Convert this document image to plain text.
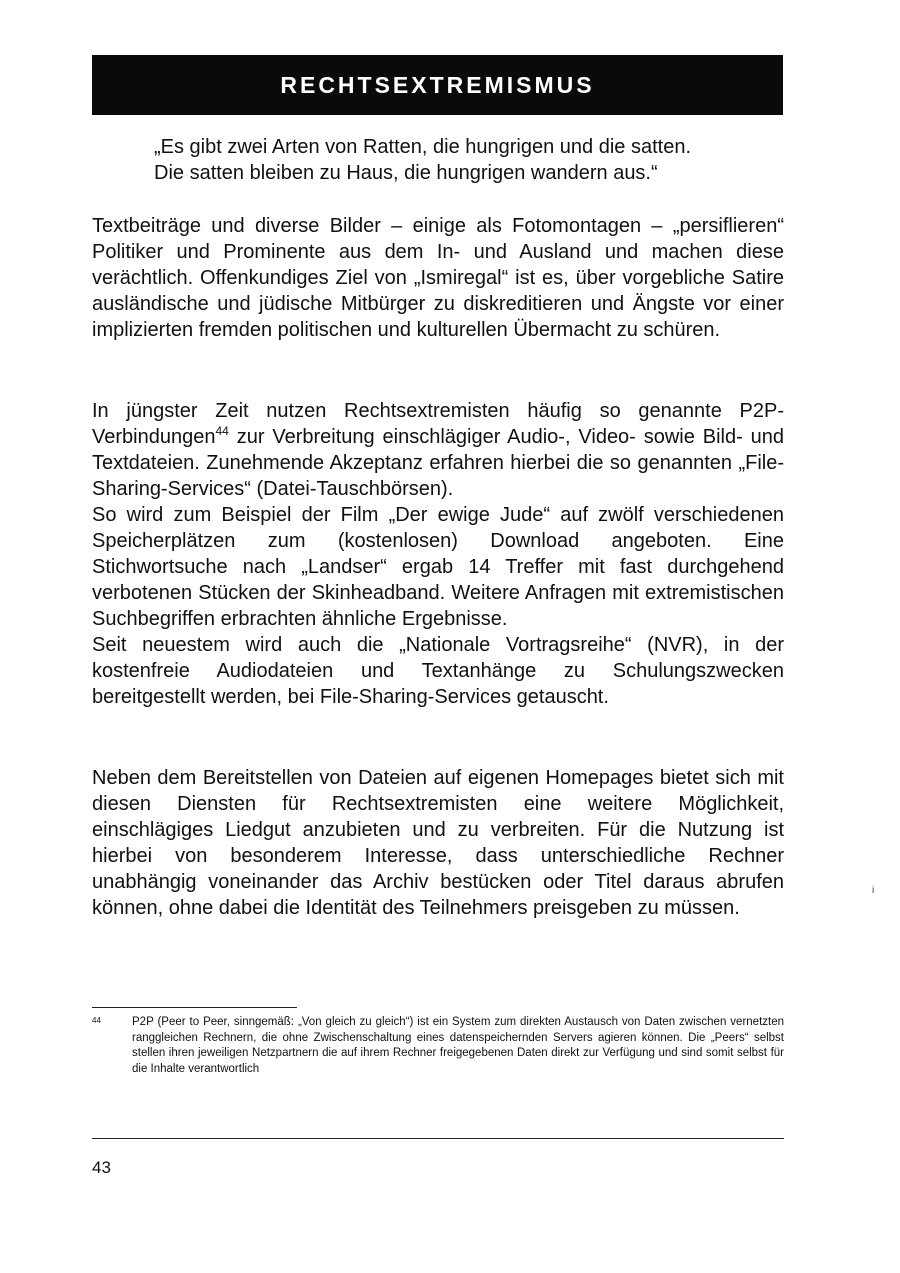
RECHTSEXTREMISMUS
„Es gibt zwei Arten von Ratten, die hungrigen und die satten.
Die satten bleiben zu Haus, die hungrigen wandern aus.“

Textbeiträge und diverse Bilder – einige als Fotomontagen – „persiflieren“ Politiker und Prominente aus dem In- und Ausland und machen diese verächtlich. Offenkundiges Ziel von „Ismiregal“ ist es, über vorgebliche Satire ausländische und jüdische Mitbürger zu diskreditieren und Ängste vor einer implizierten fremden politischen und kulturellen Übermacht zu schüren.

In jüngster Zeit nutzen Rechtsextremisten häufig so genannte P2P-Verbindungen$^{44}$ zur Verbreitung einschlägiger Audio-, Video- sowie Bild- und Textdateien. Zunehmende Akzeptanz erfahren hierbei die so genannten „File-Sharing-Services“ (Datei-Tauschbörsen).

So wird zum Beispiel der Film „Der ewige Jude“ auf zwölf verschiedenen Speicherplätzen zum (kostenlosen) Download angeboten. Eine Stichwortsuche nach „Landser“ ergab 14 Treffer mit fast durchgehend verbotenen Stücken der Skinheadband. Weitere Anfragen mit extremistischen Suchbegriffen erbrachten ähnliche Ergebnisse.

Seit neuestem wird auch die „Nationale Vortragsreihe“ (NVR), in der kostenfreie Audiodateien und Textanhänge zu Schulungszwecken bereitgestellt werden, bei File-Sharing-Services getauscht.

Neben dem Bereitstellen von Dateien auf eigenen Homepages bietet sich mit diesen Diensten für Rechtsextremisten eine weitere Möglichkeit, einschlägiges Liedgut anzubieten und zu verbreiten. Für die Nutzung ist hierbei von besonderem Interesse, dass unterschiedliche Rechner unabhängig voneinander das Archiv bestücken oder Titel daraus abrufen können, ohne dabei die Identität des Teilnehmers preisgeben zu müssen.

i
44	P2P (Peer to Peer, sinngemäß: „Von gleich zu gleich“) ist ein System zum direkten Austausch von Daten zwischen vernetzten ranggleichen Rechnern, die ohne Zwischenschaltung eines datenspeichernden Servers agieren können. Die „Peers“ selbst stellen ihren jeweiligen Netzpartnern die auf ihrem Rechner freigegebenen Daten direkt zur Verfügung und sind somit selbst für die Inhalte verantwortlich
43
